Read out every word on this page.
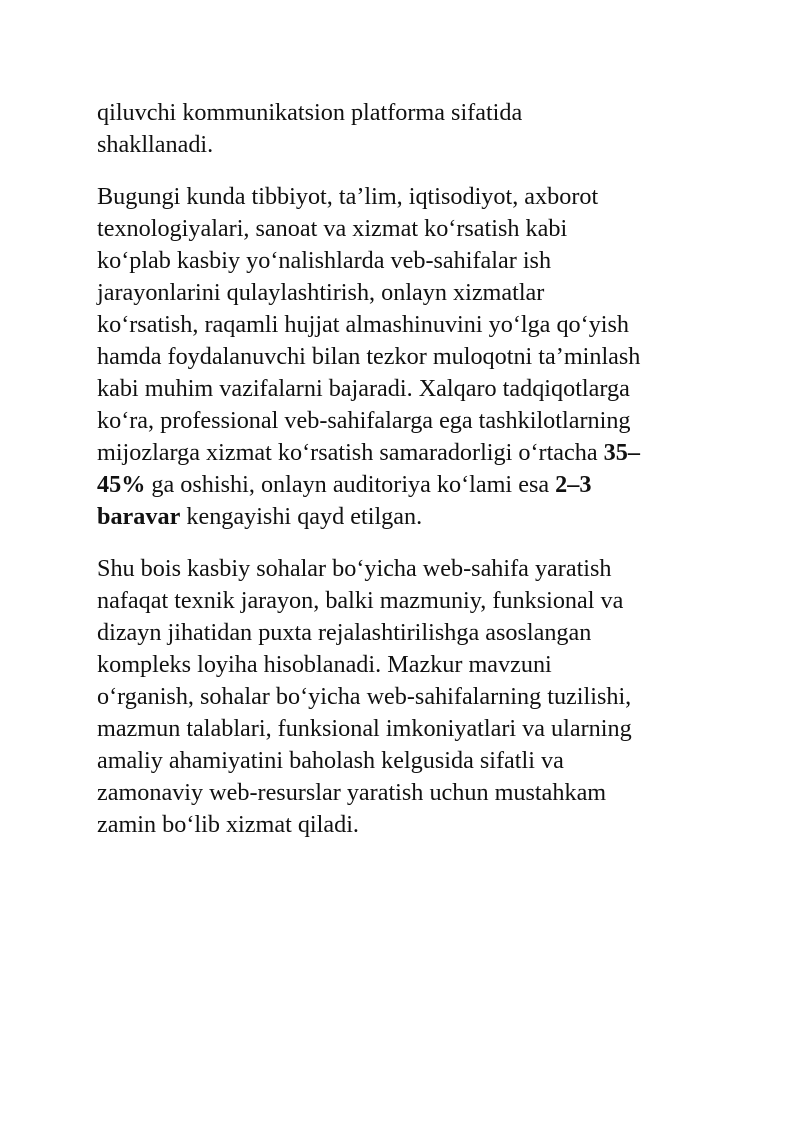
qiluvchi kommunikatsion platforma sifatida
shakllanadi.

Bugungi kunda tibbiyot, ta’lim, iqtisodiyot, axborot
texnologiyalari, sanoat va xizmat ko‘rsatish kabi
ko‘plab kasbiy yo‘nalishlarda veb-sahifalar ish
jarayonlarini qulaylashtirish, onlayn xizmatlar
ko‘rsatish, raqamli hujjat almashinuvini yo‘lga qo‘yish
hamda foydalanuvchi bilan tezkor muloqotni ta’minlash
kabi muhim vazifalarni bajaradi. Xalqaro tadqiqotlarga
ko‘ra, professional veb-sahifalarga ega tashkilotlarning
mijozlarga xizmat ko‘rsatish samaradorligi o‘rtacha 35–
45% ga oshishi, onlayn auditoriya ko‘lami esa 2–3
baravar kengayishi qayd etilgan.

Shu bois kasbiy sohalar bo‘yicha web-sahifa yaratish
nafaqat texnik jarayon, balki mazmuniy, funksional va
dizayn jihatidan puxta rejalashtirilishga asoslangan
kompleks loyiha hisoblanadi. Mazkur mavzuni
o‘rganish, sohalar bo‘yicha web-sahifalarning tuzilishi,
mazmun talablari, funksional imkoniyatlari va ularning
amaliy ahamiyatini baholash kelgusida sifatli va
zamonaviy web-resurslar yaratish uchun mustahkam
zamin bo‘lib xizmat qiladi.
